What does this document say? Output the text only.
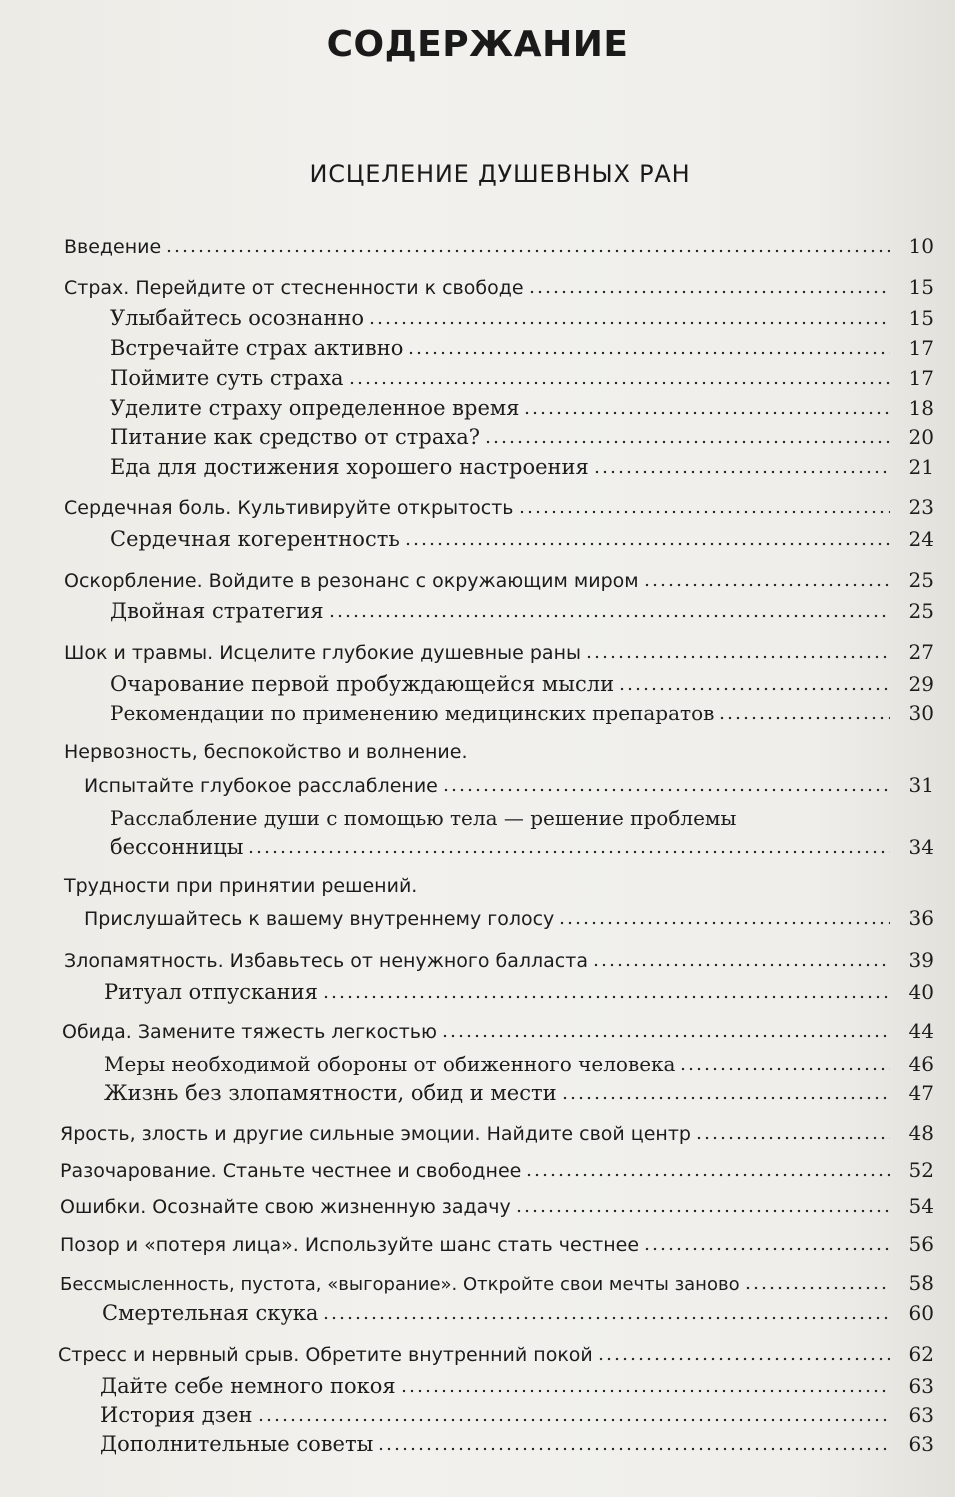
СОДЕРЖАНИЕ
ИСЦЕЛЕНИЕ ДУШЕВНЫХ РАН
Введение	10
Страх. Перейдите от стесненности к свободе	15
Улыбайтесь осознанно	15
Встречайте страх активно	17
Поймите суть страха	17
Уделите страху определенное время	18
Питание как средство от страха?	20
Еда для достижения хорошего настроения	21
Сердечная боль. Культивируйте открытость	23
Сердечная когерентность	24
Оскорбление. Войдите в резонанс с окружающим миром	25
Двойная стратегия	25
Шок и травмы. Исцелите глубокие душевные раны	27
Очарование первой пробуждающейся мысли	29
Рекомендации по применению медицинских препаратов	30
Нервозность, беспокойство и волнение.
Испытайте глубокое расслабление	31
Расслабление души с помощью тела — решение проблемы
бессонницы	34
Трудности при принятии решений.
Прислушайтесь к вашему внутреннему голосу	36
Злопамятность. Избавьтесь от ненужного балласта	39
Ритуал отпускания	40
Обида. Замените тяжесть легкостью	44
Меры необходимой обороны от обиженного человека	46
Жизнь без злопамятности, обид и мести	47
Ярость, злость и другие сильные эмоции. Найдите свой центр	48
Разочарование. Станьте честнее и свободнее	52
Ошибки. Осознайте свою жизненную задачу	54
Позор и «потеря лица». Используйте шанс стать честнее	56
Бессмысленность, пустота, «выгорание». Откройте свои мечты заново	58
Смертельная скука	60
Стресс и нервный срыв. Обретите внутренний покой	62
Дайте себе немного покоя	63
История дзен	63
Дополнительные советы	63
